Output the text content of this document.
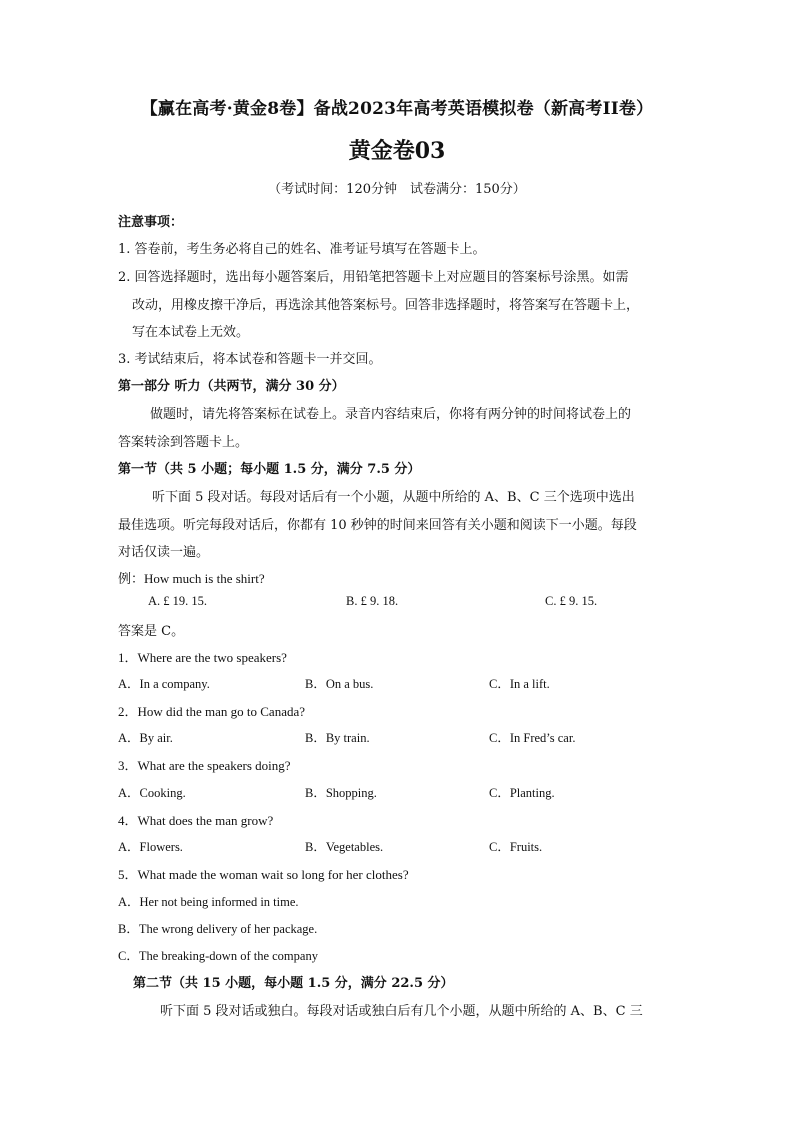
【赢在高考·黄金8卷】备战2023年高考英语模拟卷（新高考II卷）
黄金卷03
（考试时间：120分钟　试卷满分：150分）
注意事项：
1. 答卷前，考生务必将自己的姓名、准考证号填写在答题卡上。
2. 回答选择题时，选出每小题答案后，用铅笔把答题卡上对应题目的答案标号涂黑。如需
改动，用橡皮擦干净后，再选涂其他答案标号。回答非选择题时，将答案写在答题卡上，
写在本试卷上无效。
3. 考试结束后，将本试卷和答题卡一并交回。
第一部分 听力（共两节，满分 30 分）
做题时，请先将答案标在试卷上。录音内容结束后，你将有两分钟的时间将试卷上的
答案转涂到答题卡上。
第一节（共 5 小题；每小题 1.5 分，满分 7.5 分）
听下面 5 段对话。每段对话后有一个小题，从题中所给的 A、B、C 三个选项中选出
最佳选项。听完每段对话后，你都有 10 秒钟的时间来回答有关小题和阅读下一小题。每段
对话仅读一遍。
例：How much is the shirt?
A. £ 19. 15.	B. £ 9. 18.	C. £ 9. 15.
答案是 C。
1．Where are the two speakers?
A．In a company.	B．On a bus.	C．In a lift.
2．How did the man go to Canada?
A．By air.	B．By train.	C．In Fred’s car.
3．What are the speakers doing?
A．Cooking.	B．Shopping.	C．Planting.
4．What does the man grow?
A．Flowers.	B．Vegetables.	C．Fruits.
5．What made the woman wait so long for her clothes?
A．Her not being informed in time.
B．The wrong delivery of her package.
C．The breaking-down of the company
第二节（共 15 小题，每小题 1.5 分，满分 22.5 分）
听下面 5 段对话或独白。每段对话或独白后有几个小题，从题中所给的 A、B、C 三
